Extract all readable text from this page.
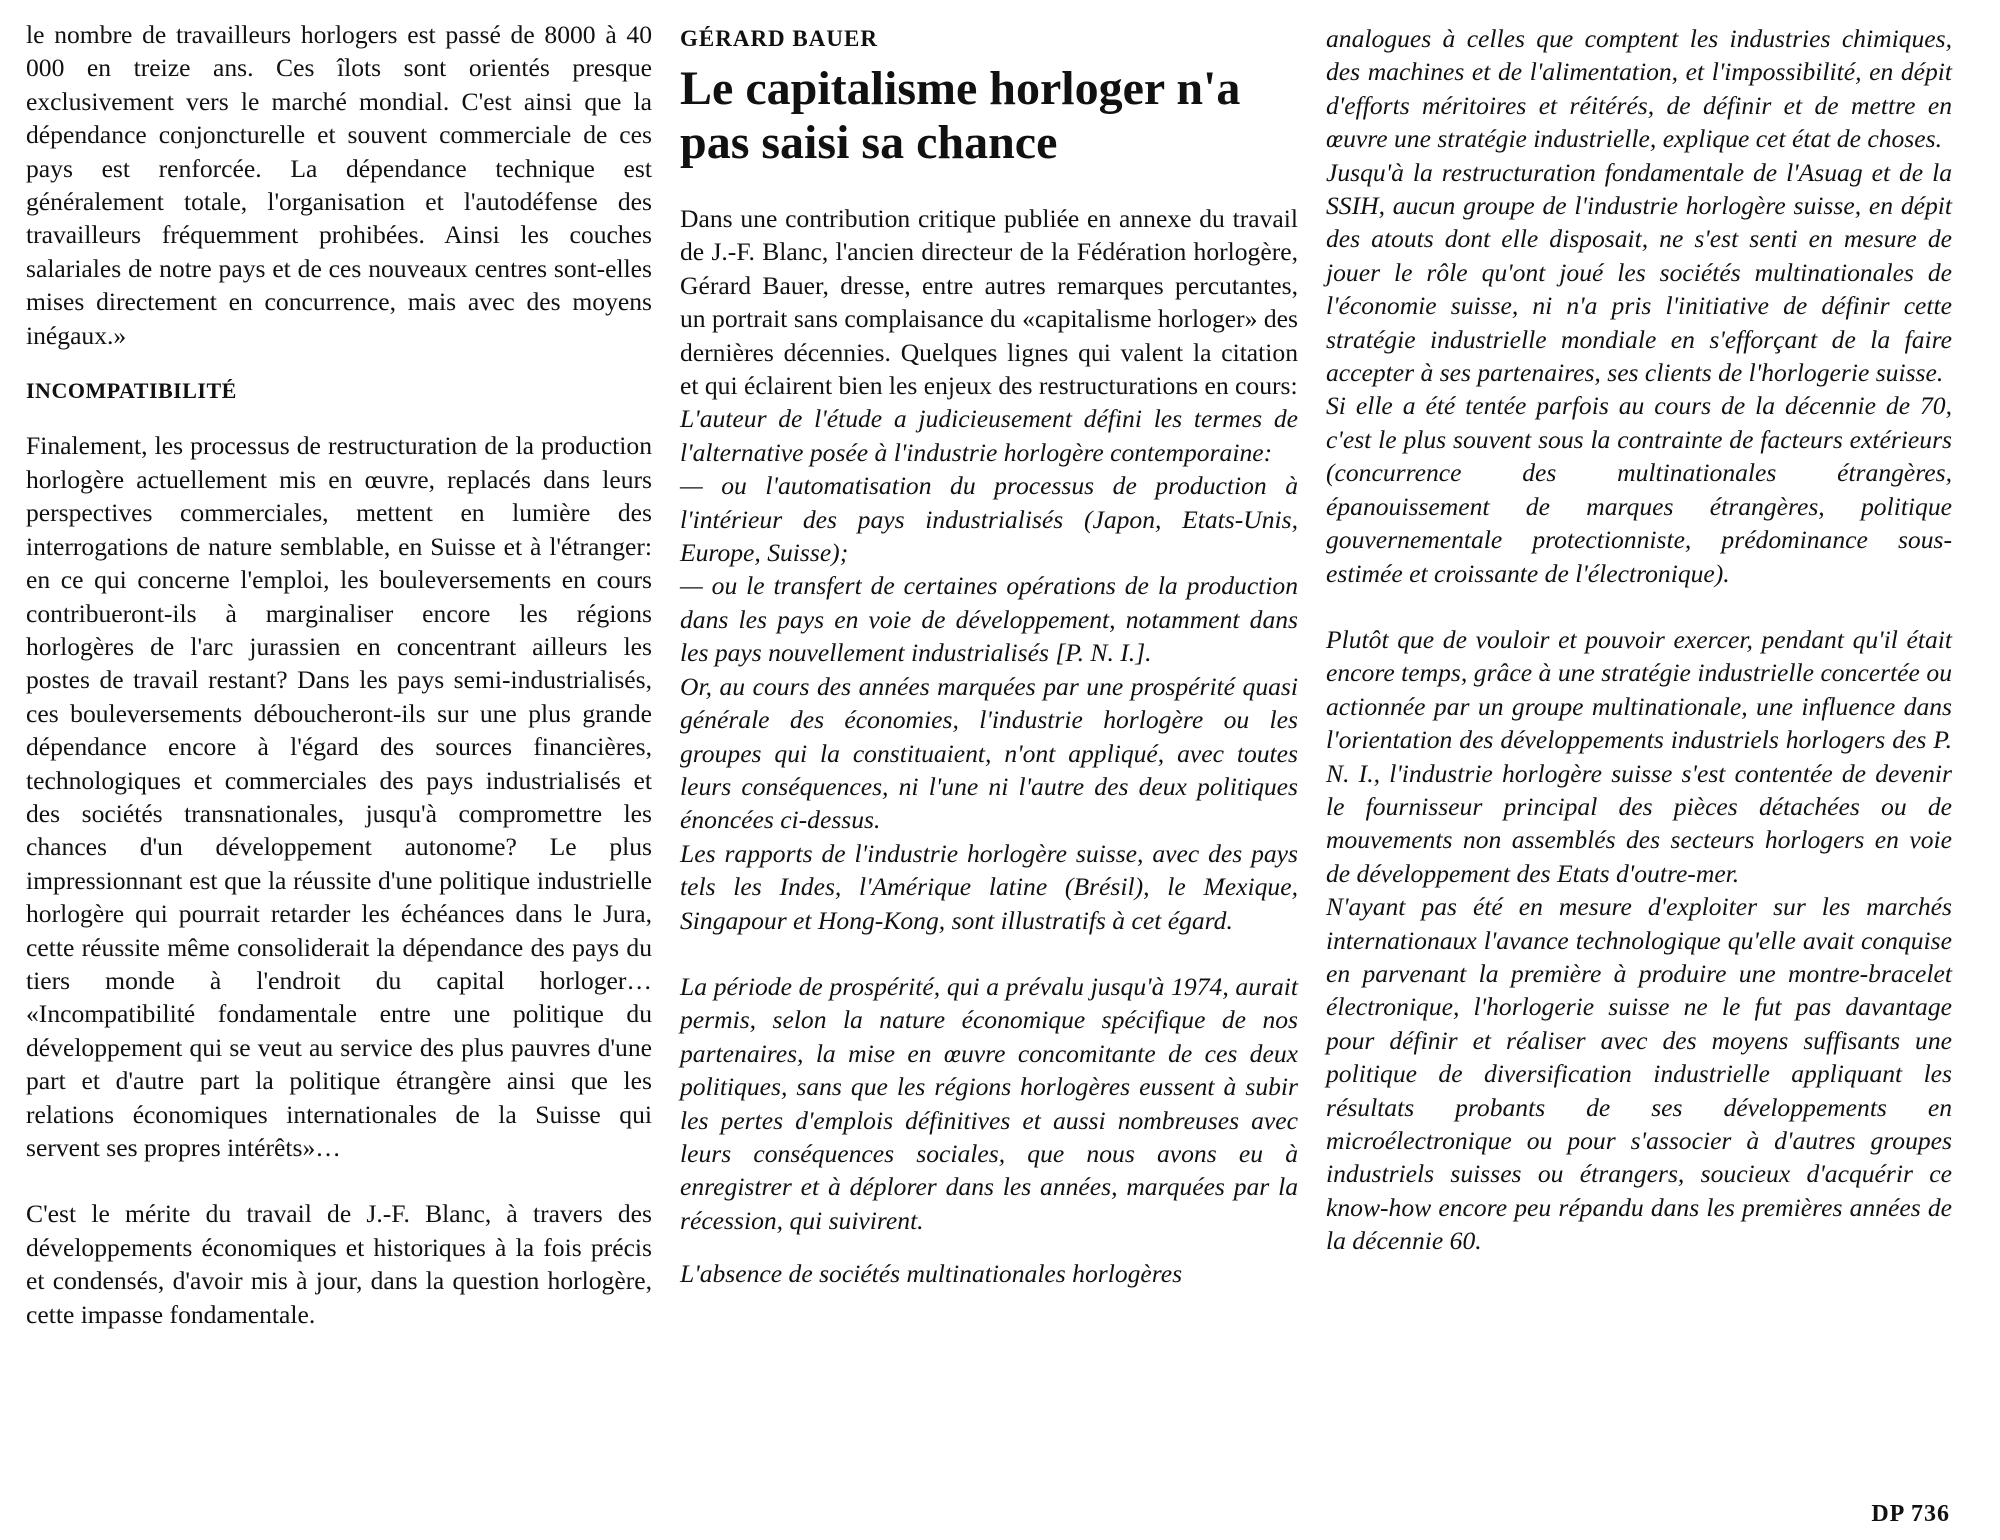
le nombre de travailleurs horlogers est passé de 8000 à 40 000 en treize ans. Ces îlots sont orientés presque exclusivement vers le marché mondial. C'est ainsi que la dépendance conjoncturelle et souvent commerciale de ces pays est renforcée. La dépendance technique est généralement totale, l'organisation et l'autodéfense des travailleurs fréquemment prohibées. Ainsi les couches salariales de notre pays et de ces nouveaux centres sont-elles mises directement en concurrence, mais avec des moyens inégaux.»

INCOMPATIBILITÉ

Finalement, les processus de restructuration de la production horlogère actuellement mis en œuvre, replacés dans leurs perspectives commerciales, mettent en lumière des interrogations de nature semblable, en Suisse et à l'étranger: en ce qui concerne l'emploi, les bouleversements en cours contribueront-ils à marginaliser encore les régions horlogères de l'arc jurassien en concentrant ailleurs les postes de travail restant? Dans les pays semi-industrialisés, ces bouleversements déboucheront-ils sur une plus grande dépendance encore à l'égard des sources financières, technologiques et commerciales des pays industrialisés et des sociétés transnationales, jusqu'à compromettre les chances d'un développement autonome? Le plus impressionnant est que la réussite d'une politique industrielle horlogère qui pourrait retarder les échéances dans le Jura, cette réussite même consoliderait la dépendance des pays du tiers monde à l'endroit du capital horloger… «Incompatibilité fondamentale entre une politique du développement qui se veut au service des plus pauvres d'une part et d'autre part la politique étrangère ainsi que les relations économiques internationales de la Suisse qui servent ses propres intérêts»…

C'est le mérite du travail de J.-F. Blanc, à travers des développements économiques et historiques à la fois précis et condensés, d'avoir mis à jour, dans la question horlogère, cette impasse fondamentale.

GÉRARD BAUER
Le capitalisme horloger n'a pas saisi sa chance

Dans une contribution critique publiée en annexe du travail de J.-F. Blanc, l'ancien directeur de la Fédération horlogère, Gérard Bauer, dresse, entre autres remarques percutantes, un portrait sans complaisance du «capitalisme horloger» des dernières décennies. Quelques lignes qui valent la citation et qui éclairent bien les enjeux des restructurations en cours:

L'auteur de l'étude a judicieusement défini les termes de l'alternative posée à l'industrie horlogère contemporaine:

— ou l'automatisation du processus de production à l'intérieur des pays industrialisés (Japon, Etats-Unis, Europe, Suisse);

— ou le transfert de certaines opérations de la production dans les pays en voie de développement, notamment dans les pays nouvellement industrialisés [P. N. I.].

Or, au cours des années marquées par une prospérité quasi générale des économies, l'industrie horlogère ou les groupes qui la constituaient, n'ont appliqué, avec toutes leurs conséquences, ni l'une ni l'autre des deux politiques énoncées ci-dessus.

Les rapports de l'industrie horlogère suisse, avec des pays tels les Indes, l'Amérique latine (Brésil), le Mexique, Singapour et Hong-Kong, sont illustratifs à cet égard.

La période de prospérité, qui a prévalu jusqu'à 1974, aurait permis, selon la nature économique spécifique de nos partenaires, la mise en œuvre concomitante de ces deux politiques, sans que les régions horlogères eussent à subir les pertes d'emplois définitives et aussi nombreuses avec leurs conséquences sociales, que nous avons eu à enregistrer et à déplorer dans les années, marquées par la récession, qui suivirent.

L'absence de sociétés multinationales horlogères

analogues à celles que comptent les industries chimiques, des machines et de l'alimentation, et l'impossibilité, en dépit d'efforts méritoires et réitérés, de définir et de mettre en œuvre une stratégie industrielle, explique cet état de choses.

Jusqu'à la restructuration fondamentale de l'Asuag et de la SSIH, aucun groupe de l'industrie horlogère suisse, en dépit des atouts dont elle disposait, ne s'est senti en mesure de jouer le rôle qu'ont joué les sociétés multinationales de l'économie suisse, ni n'a pris l'initiative de définir cette stratégie industrielle mondiale en s'efforçant de la faire accepter à ses partenaires, ses clients de l'horlogerie suisse.

Si elle a été tentée parfois au cours de la décennie de 70, c'est le plus souvent sous la contrainte de facteurs extérieurs (concurrence des multinationales étrangères, épanouissement de marques étrangères, politique gouvernementale protectionniste, prédominance sous-estimée et croissante de l'électronique).

Plutôt que de vouloir et pouvoir exercer, pendant qu'il était encore temps, grâce à une stratégie industrielle concertée ou actionnée par un groupe multinationale, une influence dans l'orientation des développements industriels horlogers des P. N. I., l'industrie horlogère suisse s'est contentée de devenir le fournisseur principal des pièces détachées ou de mouvements non assemblés des secteurs horlogers en voie de développement des Etats d'outre-mer.

N'ayant pas été en mesure d'exploiter sur les marchés internationaux l'avance technologique qu'elle avait conquise en parvenant la première à produire une montre-bracelet électronique, l'horlogerie suisse ne le fut pas davantage pour définir et réaliser avec des moyens suffisants une politique de diversification industrielle appliquant les résultats probants de ses développements en microélectronique ou pour s'associer à d'autres groupes industriels suisses ou étrangers, soucieux d'acquérir ce know-how encore peu répandu dans les premières années de la décennie 60.

DP 736
